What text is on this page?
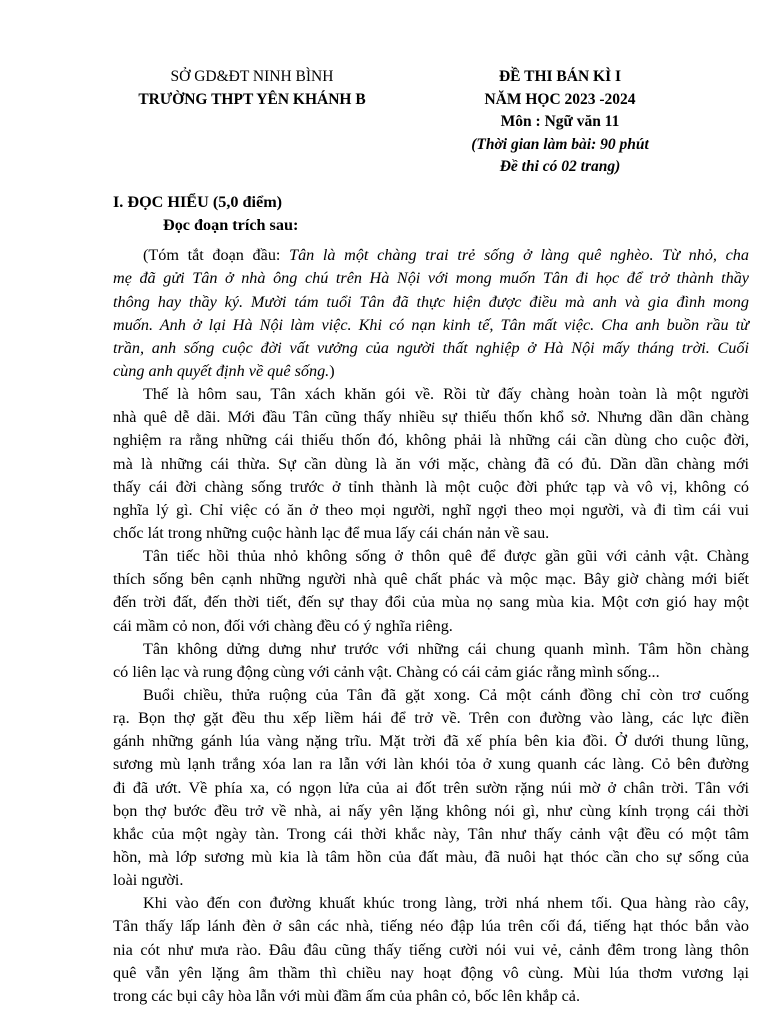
SỞ GD&ĐT NINH BÌNH
TRƯỜNG THPT YÊN KHÁNH B
ĐỀ THI BÁN KÌ I
NĂM HỌC 2023 -2024
Môn : Ngữ văn 11
(Thời gian làm bài: 90 phút
Đề thi có 02 trang)
I. ĐỌC HIỂU (5,0 điểm)
Đọc đoạn trích sau:
(Tóm tắt đoạn đầu: Tân là một chàng trai trẻ sống ở làng quê nghèo. Từ nhỏ, cha
mẹ đã gửi Tân ở nhà ông chú trên Hà Nội với mong muốn Tân đi học để trở thành thầy
thông hay thầy ký. Mười tám tuổi Tân đã thực hiện được điều mà anh và gia đình mong
muốn. Anh ở lại Hà Nội làm việc. Khi có nạn kinh tế, Tân mất việc. Cha anh buồn rầu từ
trần, anh sống cuộc đời vất vưởng của người thất nghiệp ở Hà Nội mấy tháng trời. Cuối
cùng anh quyết định về quê sống.)
Thế là hôm sau, Tân xách khăn gói về. Rồi từ đấy chàng hoàn toàn là một người
nhà quê dễ dãi. Mới đầu Tân cũng thấy nhiều sự thiếu thốn khổ sở. Nhưng dần dần chàng
nghiệm ra rằng những cái thiếu thốn đó, không phải là những cái cần dùng cho cuộc đời,
mà là những cái thừa. Sự cần dùng là ăn với mặc, chàng đã có đủ. Dần dần chàng mới
thấy cái đời chàng sống trước ở tỉnh thành là một cuộc đời phức tạp và vô vị, không có
nghĩa lý gì. Chỉ việc có ăn ở theo mọi người, nghĩ ngợi theo mọi người, và đi tìm cái vui
chốc lát trong những cuộc hành lạc để mua lấy cái chán nản về sau.
Tân tiếc hồi thủa nhỏ không sống ở thôn quê để được gần gũi với cảnh vật. Chàng
thích sống bên cạnh những người nhà quê chất phác và mộc mạc. Bây giờ chàng mới biết
đến trời đất, đến thời tiết, đến sự thay đổi của mùa nọ sang mùa kia. Một cơn gió hay một
cái mầm cỏ non, đối với chàng đều có ý nghĩa riêng.
Tân không dửng dưng như trước với những cái chung quanh mình. Tâm hồn chàng
có liên lạc và rung động cùng với cảnh vật. Chàng có cái cảm giác rằng mình sống...
Buổi chiều, thửa ruộng của Tân đã gặt xong. Cả một cánh đồng chỉ còn trơ cuống
rạ. Bọn thợ gặt đều thu xếp liềm hái để trở về. Trên con đường vào làng, các lực điền
gánh những gánh lúa vàng nặng trĩu. Mặt trời đã xế phía bên kia đồi. Ở dưới thung lũng,
sương mù lạnh trắng xóa lan ra lẫn với làn khói tỏa ở xung quanh các làng. Cỏ bên đường
đi đã ướt. Về phía xa, có ngọn lửa của ai đốt trên sườn rặng núi mờ ở chân trời. Tân với
bọn thợ bước đều trở về nhà, ai nấy yên lặng không nói gì, như cùng kính trọng cái thời
khắc của một ngày tàn. Trong cái thời khắc này, Tân như thấy cảnh vật đều có một tâm
hồn, mà lớp sương mù kia là tâm hồn của đất màu, đã nuôi hạt thóc cần cho sự sống của
loài người.
Khi vào đến con đường khuất khúc trong làng, trời nhá nhem tối. Qua hàng rào cây,
Tân thấy lấp lánh đèn ở sân các nhà, tiếng néo đập lúa trên cối đá, tiếng hạt thóc bắn vào
nia cót như mưa rào. Đâu đâu cũng thấy tiếng cười nói vui vẻ, cảnh đêm trong làng thôn
quê vẫn yên lặng âm thầm thì chiều nay hoạt động vô cùng. Mùi lúa thơm vương lại
trong các bụi cây hòa lẫn với mùi đầm ấm của phân cỏ, bốc lên khắp cả.
